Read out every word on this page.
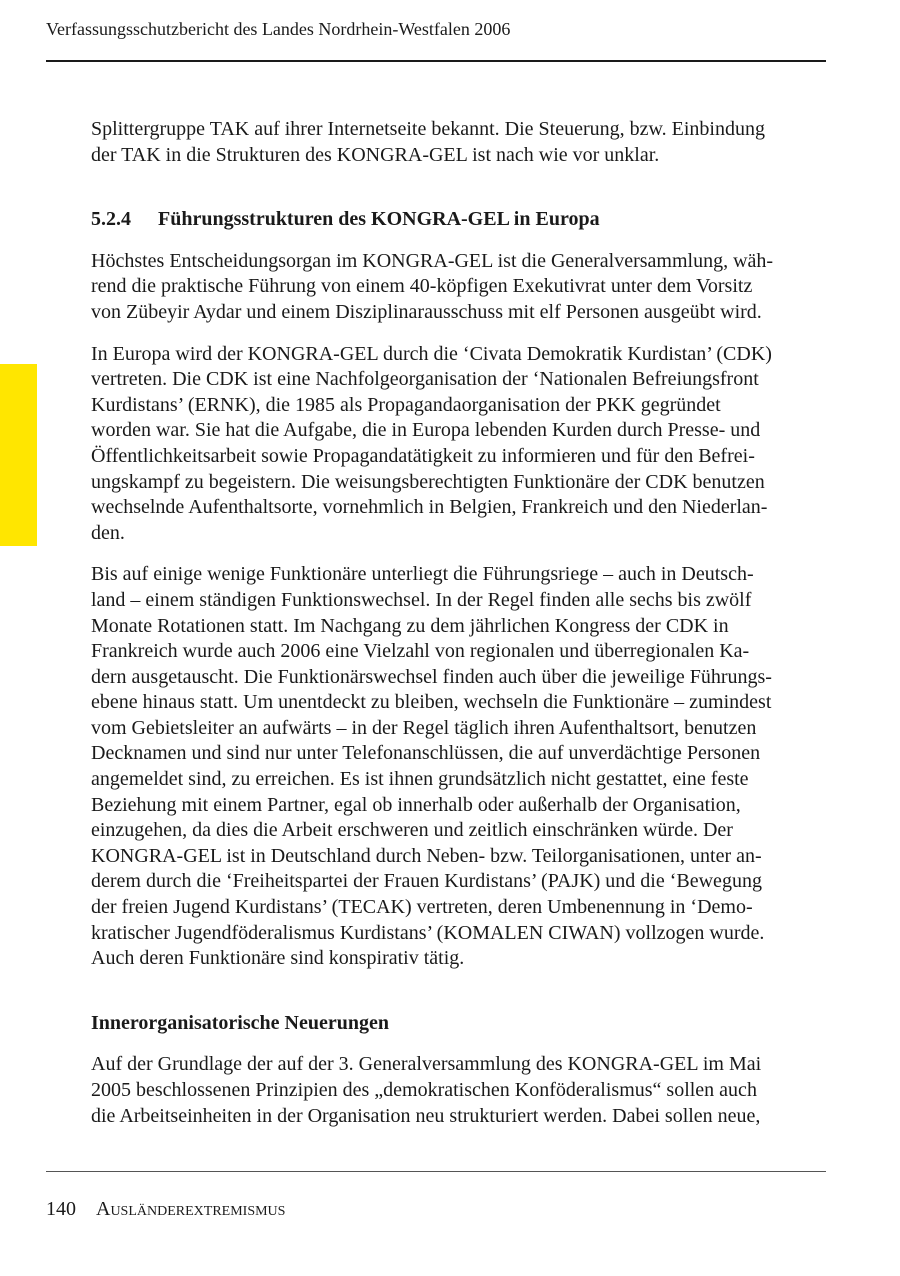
Verfassungsschutzbericht des Landes Nordrhein-Westfalen 2006

Splittergruppe TAK auf ihrer Internetseite bekannt. Die Steuerung, bzw. Einbindung
der TAK in die Strukturen des KONGRA-GEL ist nach wie vor unklar.

5.2.4 Führungsstrukturen des KONGRA-GEL in Europa

Höchstes Entscheidungsorgan im KONGRA-GEL ist die Generalversammlung, wäh-
rend die praktische Führung von einem 40-köpfigen Exekutivrat unter dem Vorsitz
von Zübeyir Aydar und einem Disziplinarausschuss mit elf Personen ausgeübt wird.

In Europa wird der KONGRA-GEL durch die ‘Civata Demokratik Kurdistan’ (CDK)
vertreten. Die CDK ist eine Nachfolgeorganisation der ‘Nationalen Befreiungsfront
Kurdistans’ (ERNK), die 1985 als Propagandaorganisation der PKK gegründet
worden war. Sie hat die Aufgabe, die in Europa lebenden Kurden durch Presse- und
Öffentlichkeitsarbeit sowie Propagandatätigkeit zu informieren und für den Befrei-
ungskampf zu begeistern. Die weisungsberechtigten Funktionäre der CDK benutzen
wechselnde Aufenthaltsorte, vornehmlich in Belgien, Frankreich und den Niederlan-
den.

Bis auf einige wenige Funktionäre unterliegt die Führungsriege – auch in Deutsch-
land – einem ständigen Funktionswechsel. In der Regel finden alle sechs bis zwölf
Monate Rotationen statt. Im Nachgang zu dem jährlichen Kongress der CDK in
Frankreich wurde auch 2006 eine Vielzahl von regionalen und überregionalen Ka-
dern ausgetauscht. Die Funktionärswechsel finden auch über die jeweilige Führungs-
ebene hinaus statt. Um unentdeckt zu bleiben, wechseln die Funktionäre – zumindest
vom Gebietsleiter an aufwärts – in der Regel täglich ihren Aufenthaltsort, benutzen
Decknamen und sind nur unter Telefonanschlüssen, die auf unverdächtige Personen
angemeldet sind, zu erreichen. Es ist ihnen grundsätzlich nicht gestattet, eine feste
Beziehung mit einem Partner, egal ob innerhalb oder außerhalb der Organisation,
einzugehen, da dies die Arbeit erschweren und zeitlich einschränken würde. Der
KONGRA-GEL ist in Deutschland durch Neben- bzw. Teilorganisationen, unter an-
derem durch die ‘Freiheitspartei der Frauen Kurdistans’ (PAJK) und die ‘Bewegung
der freien Jugend Kurdistans’ (TECAK) vertreten, deren Umbenennung in ‘Demo-
kratischer Jugendföderalismus Kurdistans’ (KOMALEN CIWAN) vollzogen wurde.
Auch deren Funktionäre sind konspirativ tätig.

Innerorganisatorische Neuerungen

Auf der Grundlage der auf der 3. Generalversammlung des KONGRA-GEL im Mai
2005 beschlossenen Prinzipien des „demokratischen Konföderalismus“ sollen auch
die Arbeitseinheiten in der Organisation neu strukturiert werden. Dabei sollen neue,

140 Ausländerextremismus
